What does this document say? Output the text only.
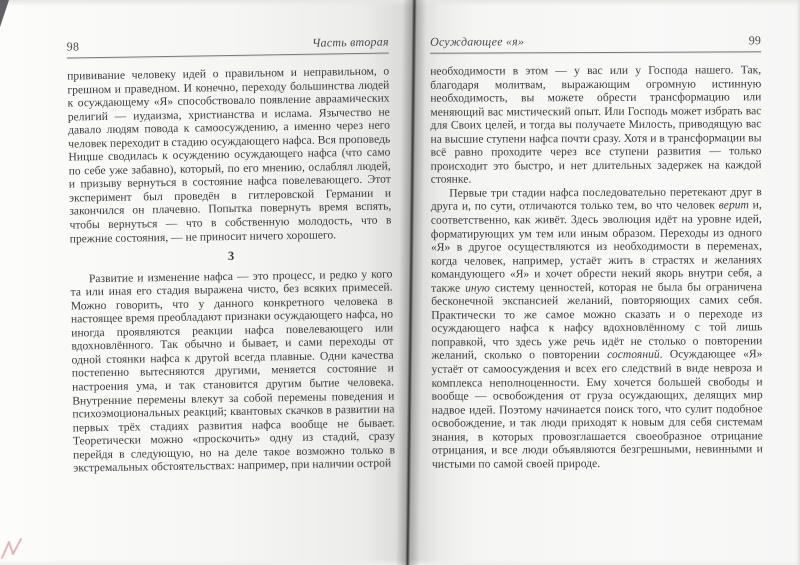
98	Часть вторая

прививание человеку идей о правильном и неправильном, о грешном и праведном. И конечно, переходу большинства людей к осуждающему «Я» способствовало появление авраамических религий — иудаизма, христианства и ислама. Язычество не давало людям повода к самоосуждению, а именно через него человек переходит в стадию осуждающего нафса. Вся проповедь Ницше сводилась к осуждению осуждающего нафса (что само по себе уже забавно), который, по его мнению, ослаблял людей, и призыву вернуться в состояние нафса повелевающего. Этот эксперимент был проведён в гитлеровской Германии и закончился он плачевно. Попытка повернуть время вспять, чтобы вернуться — что в собственную молодость, что в прежние состояния, — не приносит ничего хорошего.

3

Развитие и изменение нафса — это процесс, и редко у кого та или иная его стадия выражена чисто, без всяких примесей. Можно говорить, что у данного конкретного человека в настоящее время преобладают признаки осуждающего нафса, но иногда проявляются реакции нафса повелевающего или вдохновлённого. Так обычно и бывает, и сами переходы от одной стоянки нафса к другой всегда плавные. Одни качества постепенно вытесняются другими, меняется состояние и настроения ума, и так становится другим бытие человека. Внутренние перемены влекут за собой перемены поведения и психоэмоциональных реакций; квантовых скачков в развитии на первых трёх стадиях развития нафса вообще не бывает. Теоретически можно «проскочить» одну из стадий, сразу перейдя в следующую, но на деле такое возможно только в экстремальных обстоятельствах: например, при наличии острой

Осуждающее «я»	99

необходимости в этом — у вас или у Господа нашего. Так, благодаря молитвам, выражающим огромную истинную необходимость, вы можете обрести трансформацию или меняющий вас мистический опыт. Или Господь может избрать вас для Своих целей, и тогда вы получаете Милость, приводящую вас на высшие ступени нафса почти сразу. Хотя и в трансформации вы всё равно проходите через все ступени развития — только происходит это быстро, и нет длительных задержек на каждой стоянке.

Первые три стадии нафса последовательно перетекают друг в друга и, по сути, отличаются только тем, во что человек верит и, соответственно, как живёт. Здесь эволюция идёт на уровне идей, форматирующих ум тем или иным образом. Переходы из одного «Я» в другое осуществляются из необходимости в переменах, когда человек, например, устаёт жить в страстях и желаниях командующего «Я» и хочет обрести некий якорь внутри себя, а также иную систему ценностей, которая не была бы ограничена бесконечной экспансией желаний, повторяющих самих себя. Практически то же самое можно сказать и о переходе из осуждающего нафса к нафсу вдохновлённому с той лишь поправкой, что здесь уже речь идёт не столько о повторении желаний, сколько о повторении состояний. Осуждающее «Я» устаёт от самоосуждения и всех его следствий в виде невроза и комплекса неполноценности. Ему хочется большей свободы и вообще — освобождения от груза осуждающих, делящих мир надвое идей. Поэтому начинается поиск того, что сулит подобное освобождение, и так люди приходят к новым для себя системам знания, в которых провозглашается своеобразное отрицание отрицания, и все люди объявляются безгрешными, невинными и чистыми по самой своей природе.
